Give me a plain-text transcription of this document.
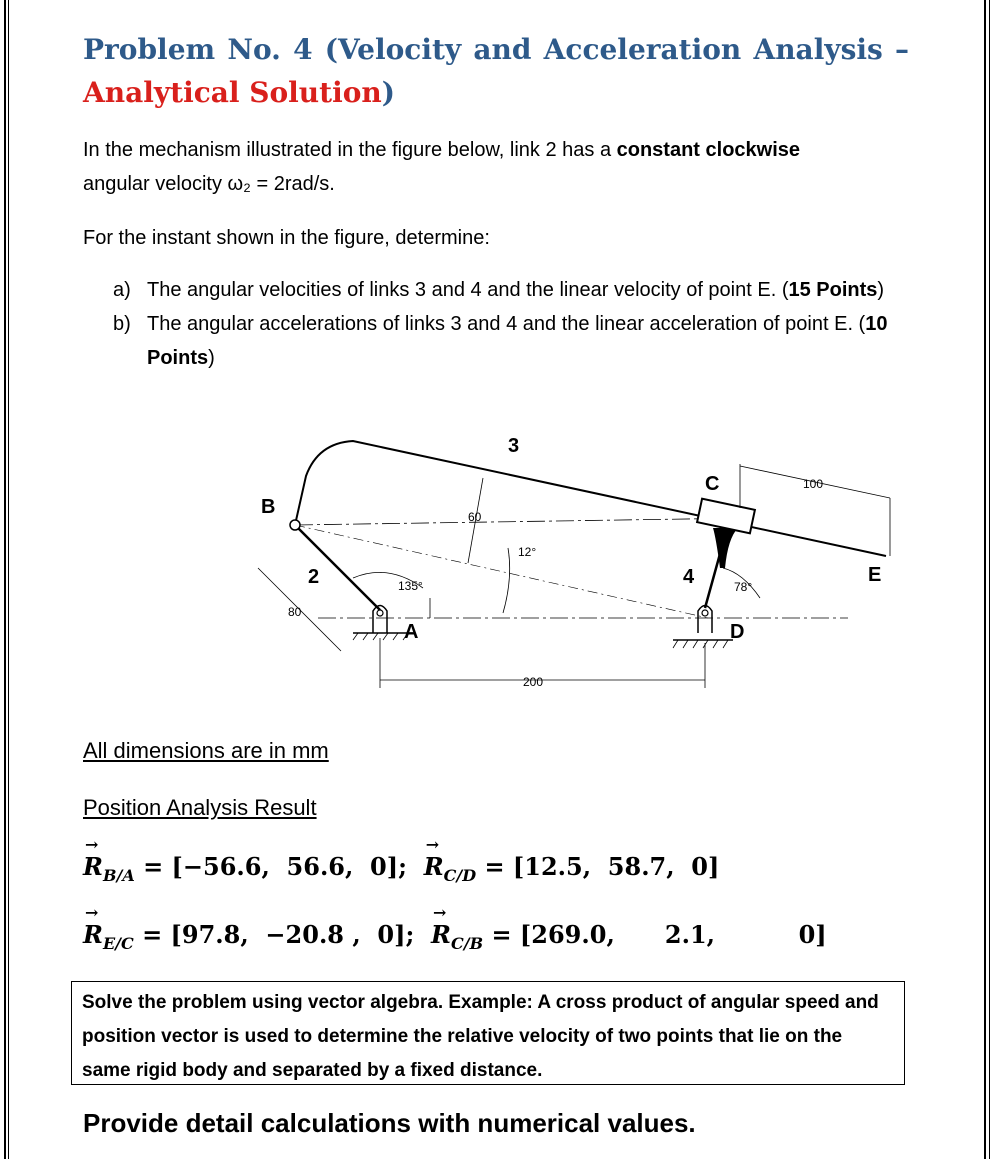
Problem No. 4 (Velocity and Acceleration Analysis –
Analytical Solution)
In the mechanism illustrated in the figure below, link 2 has a constant clockwise
angular velocity ω₂ = 2rad/s.
For the instant shown in the figure, determine:
a) The angular velocities of links 3 and 4 and the linear velocity of point E. (15 Points)
b) The angular accelerations of links 3 and 4 and the linear acceleration of point E. (10 Points)
3
B
C
E
A	D
2	4
100
60
12°
135°	78°
80
200
All dimensions are in mm
Position Analysis Result
→ $R_{B/A} = [-56.6$,  56.6,  0];  → $R_{C/D} = [12.5$,  58.7,  0]
→ $R_{E/C} = [97.8$,  −20.8 ,  0];  → $R_{C/B} = [269.0$,      2.1,          0]
Solve the problem using vector algebra. Example: A cross product of angular speed and position vector is used to determine the relative velocity of two points that lie on the same rigid body and separated by a fixed distance.
Provide detail calculations with numerical values.
